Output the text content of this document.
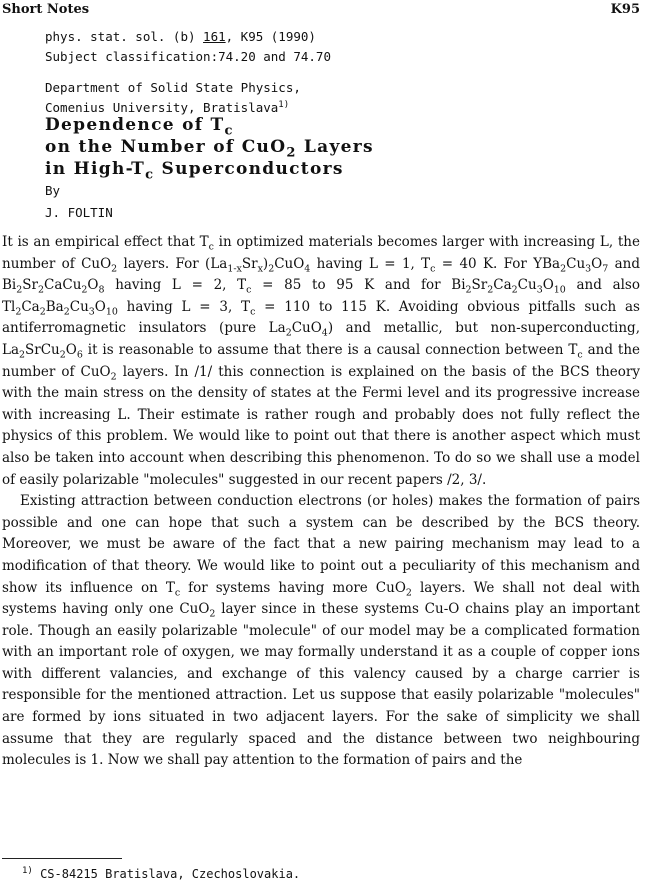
Short Notes	K95
phys. stat. sol. (b) 161, K95 (1990)
Subject classification:74.20 and 74.70
Department of Solid State Physics,
Comenius University, Bratislava$^{1)}$
Dependence of $T_c$
on the Number of CuO$_2$ Layers
in High-$T_c$ Superconductors
By
J. FOLTIN

It is an empirical effect that $T_c$ in optimized materials becomes larger with increasing L, the number of CuO$_2$ layers. For $(La_{1-x}Sr_x)_2CuO_4$ having L = 1, $T_c = 40$ K. For $YBa_2Cu_3O_7$ and $Bi_2Sr_2CaCu_2O_8$ having L = 2, $T_c = 85$ to 95 K and for $Bi_2Sr_2Ca_2Cu_3O_{10}$ and also $Tl_2Ca_2Ba_2Cu_3O_{10}$ having L = 3, $T_c = 110$ to 115 K. Avoiding obvious pitfalls such as antiferromagnetic insulators (pure $La_2CuO_4$) and metallic, but non-superconducting, $La_2SrCu_2O_6$ it is reasonable to assume that there is a causal connection between $T_c$ and the number of CuO$_2$ layers. In /1/ this connection is explained on the basis of the BCS theory with the main stress on the density of states at the Fermi level and its progressive increase with increasing L. Their estimate is rather rough and probably does not fully reflect the physics of this problem. We would like to point out that there is another aspect which must also be taken into account when describing this phenomenon. To do so we shall use a model of easily polarizable "molecules" suggested in our recent papers /2, 3/.

Existing attraction between conduction electrons (or holes) makes the formation of pairs possible and one can hope that such a system can be described by the BCS theory. Moreover, we must be aware of the fact that a new pairing mechanism may lead to a modification of that theory. We would like to point out a peculiarity of this mechanism and show its influence on $T_c$ for systems having more CuO$_2$ layers. We shall not deal with systems having only one CuO$_2$ layer since in these systems Cu-O chains play an important role. Though an easily polarizable "molecule" of our model may be a complicated formation with an important role of oxygen, we may formally understand it as a couple of copper ions with different valancies, and exchange of this valency caused by a charge carrier is responsible for the mentioned attraction. Let us suppose that easily polarizable "molecules" are formed by ions situated in two adjacent layers. For the sake of simplicity we shall assume that they are regularly spaced and the distance between two neighbouring molecules is 1. Now we shall pay attention to the formation of pairs and the

$^{1)}$ CS-84215 Bratislava, Czechoslovakia.
